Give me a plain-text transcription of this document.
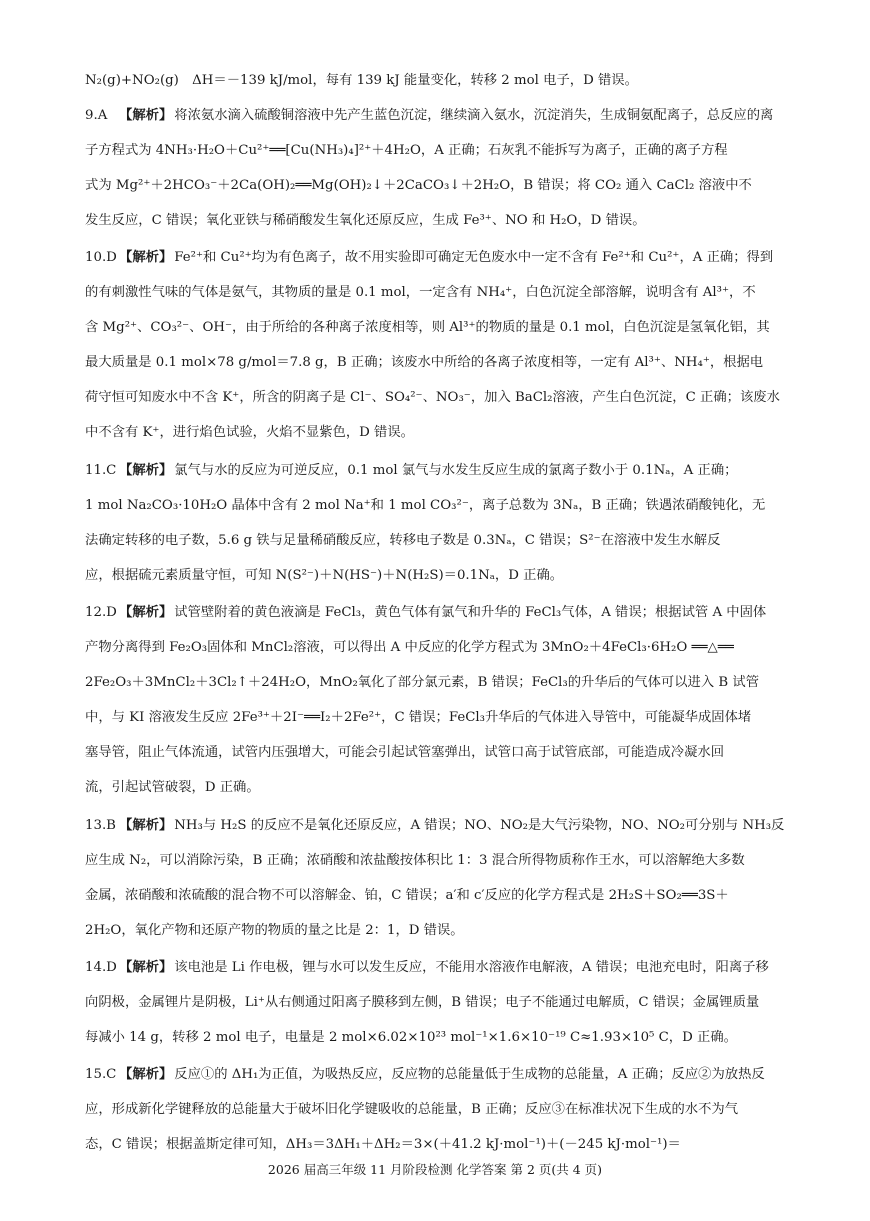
N₂(g)+NO₂(g)　ΔH＝－139 kJ/mol，每有 139 kJ 能量变化，转移 2 mol 电子，D 错误。
9.A 【解析】 将浓氨水滴入硫酸铜溶液中先产生蓝色沉淀，继续滴入氨水，沉淀消失，生成铜氨配离子，总反应的离
子方程式为 4NH₃·H₂O＋Cu²⁺══[Cu(NH₃)₄]²⁺＋4H₂O，A 正确；石灰乳不能拆写为离子，正确的离子方程
式为 Mg²⁺＋2HCO₃⁻＋2Ca(OH)₂══Mg(OH)₂↓＋2CaCO₃↓＋2H₂O，B 错误；将 CO₂ 通入 CaCl₂ 溶液中不
发生反应，C 错误；氧化亚铁与稀硝酸发生氧化还原反应，生成 Fe³⁺、NO 和 H₂O，D 错误。
10.D 【解析】 Fe²⁺和 Cu²⁺均为有色离子，故不用实验即可确定无色废水中一定不含有 Fe²⁺和 Cu²⁺，A 正确；得到
的有刺激性气味的气体是氨气，其物质的量是 0.1 mol，一定含有 NH₄⁺，白色沉淀全部溶解，说明含有 Al³⁺，不
含 Mg²⁺、CO₃²⁻、OH⁻，由于所给的各种离子浓度相等，则 Al³⁺的物质的量是 0.1 mol，白色沉淀是氢氧化铝，其
最大质量是 0.1 mol×78 g/mol＝7.8 g，B 正确；该废水中所给的各离子浓度相等，一定有 Al³⁺、NH₄⁺，根据电
荷守恒可知废水中不含 K⁺，所含的阴离子是 Cl⁻、SO₄²⁻、NO₃⁻，加入 BaCl₂溶液，产生白色沉淀，C 正确；该废水
中不含有 K⁺，进行焰色试验，火焰不显紫色，D 错误。
11.C 【解析】 氯气与水的反应为可逆反应，0.1 mol 氯气与水发生反应生成的氯离子数小于 0.1Nₐ，A 正确；
1 mol Na₂CO₃·10H₂O 晶体中含有 2 mol Na⁺和 1 mol CO₃²⁻，离子总数为 3Nₐ，B 正确；铁遇浓硝酸钝化，无
法确定转移的电子数，5.6 g 铁与足量稀硝酸反应，转移电子数是 0.3Nₐ，C 错误；S²⁻在溶液中发生水解反
应，根据硫元素质量守恒，可知 N(S²⁻)＋N(HS⁻)＋N(H₂S)＝0.1Nₐ，D 正确。
12.D 【解析】 试管壁附着的黄色液滴是 FeCl₃，黄色气体有氯气和升华的 FeCl₃气体，A 错误；根据试管 A 中固体
产物分离得到 Fe₂O₃固体和 MnCl₂溶液，可以得出 A 中反应的化学方程式为 3MnO₂＋4FeCl₃·6H₂O ══△══
2Fe₂O₃＋3MnCl₂＋3Cl₂↑＋24H₂O，MnO₂氧化了部分氯元素，B 错误；FeCl₃的升华后的气体可以进入 B 试管
中，与 KI 溶液发生反应 2Fe³⁺＋2I⁻══I₂＋2Fe²⁺，C 错误；FeCl₃升华后的气体进入导管中，可能凝华成固体堵
塞导管，阻止气体流通，试管内压强增大，可能会引起试管塞弹出，试管口高于试管底部，可能造成冷凝水回
流，引起试管破裂，D 正确。
13.B 【解析】 NH₃与 H₂S 的反应不是氧化还原反应，A 错误；NO、NO₂是大气污染物，NO、NO₂可分别与 NH₃反
应生成 N₂，可以消除污染，B 正确；浓硝酸和浓盐酸按体积比 1：3 混合所得物质称作王水，可以溶解绝大多数
金属，浓硝酸和浓硫酸的混合物不可以溶解金、铂，C 错误；a′和 c′反应的化学方程式是 2H₂S＋SO₂══3S＋
2H₂O，氧化产物和还原产物的物质的量之比是 2：1，D 错误。
14.D 【解析】 该电池是 Li 作电极，锂与水可以发生反应，不能用水溶液作电解液，A 错误；电池充电时，阳离子移
向阴极，金属锂片是阴极，Li⁺从右侧通过阳离子膜移到左侧，B 错误；电子不能通过电解质，C 错误；金属锂质量
每减小 14 g，转移 2 mol 电子，电量是 2 mol×6.02×10²³ mol⁻¹×1.6×10⁻¹⁹ C≈1.93×10⁵ C，D 正确。
15.C 【解析】 反应①的 ΔH₁为正值，为吸热反应，反应物的总能量低于生成物的总能量，A 正确；反应②为放热反
应，形成新化学键释放的总能量大于破坏旧化学键吸收的总能量，B 正确；反应③在标准状况下生成的水不为气
态，C 错误；根据盖斯定律可知，ΔH₃＝3ΔH₁＋ΔH₂＝3×(＋41.2 kJ·mol⁻¹)＋(－245 kJ·mol⁻¹)＝
2026 届高三年级 11 月阶段检测 化学答案 第 2 页(共 4 页)
